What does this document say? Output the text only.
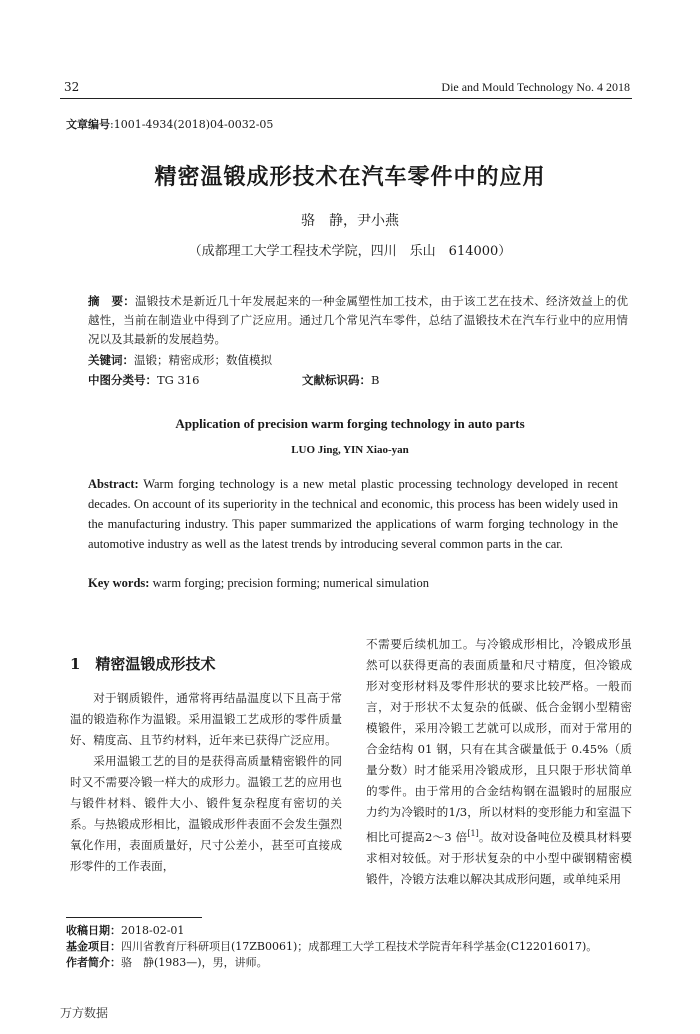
32	Die and Mould Technology No. 4 2018
文章编号:1001-4934(2018)04-0032-05
精密温锻成形技术在汽车零件中的应用
骆　静，尹小燕
（成都理工大学工程技术学院，四川　乐山　614000）
摘　要：温锻技术是新近几十年发展起来的一种金属塑性加工技术，由于该工艺在技术、经济效益上的优越性，当前在制造业中得到了广泛应用。通过几个常见汽车零件，总结了温锻技术在汽车行业中的应用情况以及其最新的发展趋势。
关键词：温锻；精密成形；数值模拟
中图分类号：TG 316	文献标识码：B
Application of precision warm forging technology in auto parts
LUO Jing, YIN Xiao-yan
Abstract: Warm forging technology is a new metal plastic processing technology developed in recent decades. On account of its superiority in the technical and economic, this process has been widely used in the manufacturing industry. This paper summarized the applications of warm forging technology in the automotive industry as well as the latest trends by introducing several common parts in the car.
Key words: warm forging; precision forming; numerical simulation
1　精密温锻成形技术

对于钢质锻件，通常将再结晶温度以下且高于常温的锻造称作为温锻。采用温锻工艺成形的零件质量好、精度高、且节约材料，近年来已获得广泛应用。

采用温锻工艺的目的是获得高质量精密锻件的同时又不需要冷锻一样大的成形力。温锻工艺的应用也与锻件材料、锻件大小、锻件复杂程度有密切的关系。与热锻成形相比，温锻成形件表面不会发生强烈氧化作用，表面质量好，尺寸公差小，甚至可直接成形零件的工作表面，

不需要后续机加工。与冷锻成形相比，冷锻成形虽然可以获得更高的表面质量和尺寸精度，但冷锻成形对变形材料及零件形状的要求比较严格。一般而言，对于形状不太复杂的低碳、低合金钢小型精密模锻件，采用冷锻工艺就可以成形，而对于常用的合金结构 01 钢，只有在其含碳量低于 0.45%（质量分数）时才能采用冷锻成形，且只限于形状简单的零件。由于常用的合金结构钢在温锻时的屈服应力约为冷锻时的1/3，所以材料的变形能力和室温下相比可提高2～3 倍[1]。故对设备吨位及模具材料要求相对较低。对于形状复杂的中小型中碳钢精密模锻件，冷锻方法难以解决其成形问题，或单纯采用

收稿日期：2018-02-01
基金项目：四川省教育厅科研项目(17ZB0061)；成都理工大学工程技术学院青年科学基金(C122016017)。
作者简介：骆　静(1983—)，男，讲师。
万方数据
